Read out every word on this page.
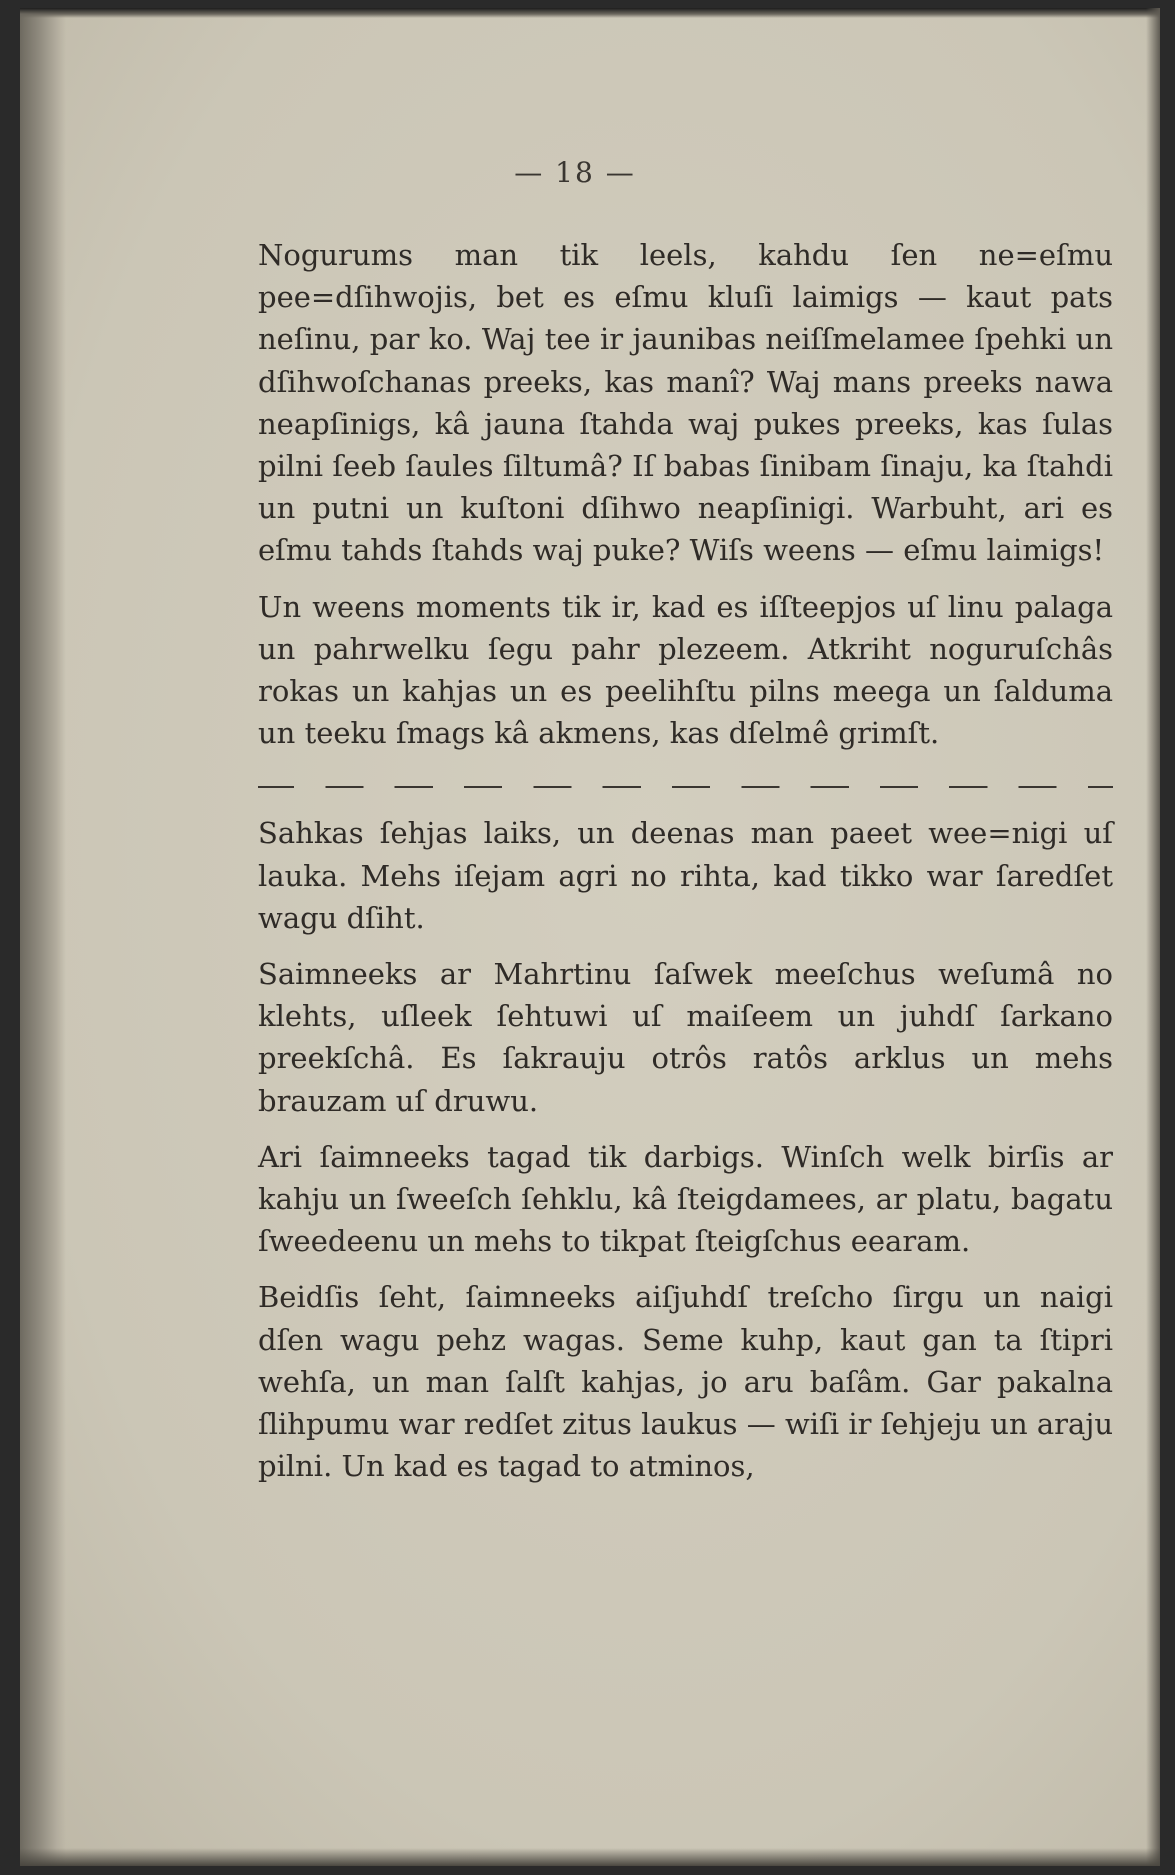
— 18 —

Nogurums man tik leels, kahdu ſen ne=eſmu pee=dſihwojis, bet es eſmu kluſi laimigs — kaut pats neſinu, par ko. Waj tee ir jaunibas neiſſmelamee ſpehki un dſihwoſchanas preeks, kas manî? Waj mans preeks nawa neapſinigs, kâ jauna ſtahda waj pukes preeks, kas ſulas pilni ſeeb ſaules ſiltumâ? Iſ babas ſinibam ſinaju, ka ſtahdi un putni un kuſtoni dſihwo neapſinigi. Warbuht, ari es eſmu tahds ſtahds waj puke? Wiſs weens — eſmu laimigs!

Un weens moments tik ir, kad es iſſteepjos uſ linu palaga un pahrwelku ſegu pahr plezeem. Atkriht noguruſchâs rokas un kahjas un es peelihſtu pilns meega un ſalduma un teeku ſmags kâ akmens, kas dſelmê grimſt.

Sahkas ſehjas laiks, un deenas man paeet wee=nigi uſ lauka. Mehs iſejam agri no rihta, kad tikko war ſaredſet wagu dſiht.

Saimneeks ar Mahrtinu ſaſwek meeſchus weſumâ no klehts, uſleek ſehtuwi uſ maiſeem un juhdſ ſarkano preekſchâ. Es ſakrauju otrôs ratôs arklus un mehs brauzam uſ druwu.

Ari ſaimneeks tagad tik darbigs. Winſch welk birſis ar kahju un ſweeſch ſehklu, kâ ſteigdamees, ar platu, bagatu ſweedeenu un mehs to tikpat ſteigſchus eearam.

Beidſis ſeht, ſaimneeks aiſjuhdſ treſcho ſirgu un naigi dſen wagu pehz wagas. Seme kuhp, kaut gan ta ſtipri wehſa, un man ſalſt kahjas, jo aru baſâm. Gar pakalna ſlihpumu war redſet zitus laukus — wiſi ir ſehjeju un araju pilni. Un kad es tagad to atminos,
